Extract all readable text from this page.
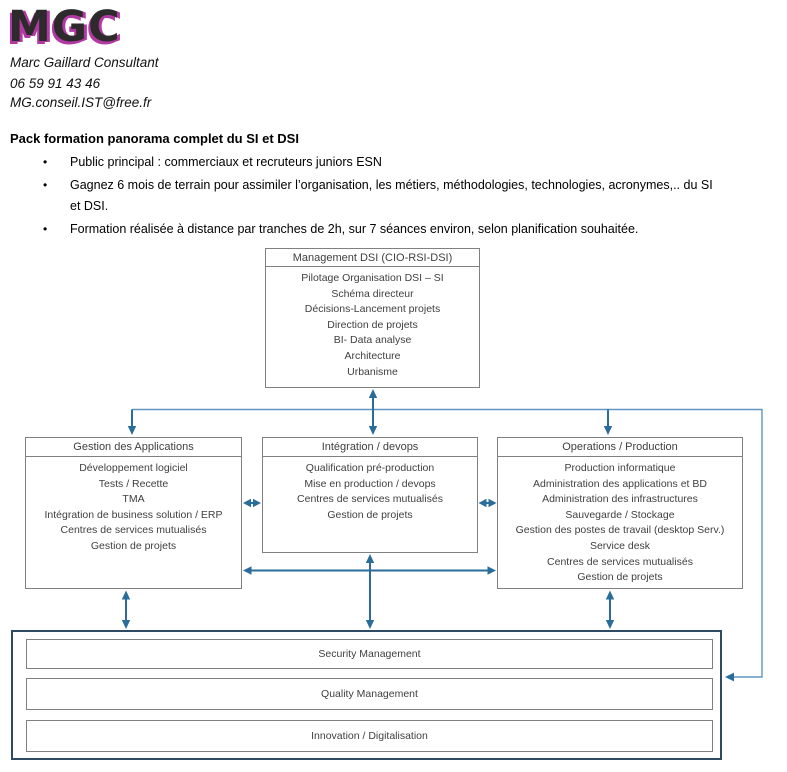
MGC
Marc Gaillard Consultant
06 59 91 43 46
MG.conseil.IST@free.fr
Pack formation panorama complet du SI et DSI
•	Public principal : commerciaux et recruteurs juniors ESN
•	Gagnez 6 mois de terrain pour assimiler l’organisation, les métiers, méthodologies, technologies, acronymes,.. du SI et DSI.
•	Formation réalisée à distance par tranches de 2h, sur 7 séances environ, selon planification souhaitée.
Management DSI (CIO-RSI-DSI)
Pilotage Organisation DSI – SI
Schéma directeur
Décisions-Lancement projets
Direction de projets
BI- Data analyse
Architecture
Urbanisme
Gestion des Applications
Développement logiciel
Tests / Recette
TMA
Intégration de business solution / ERP
Centres de services mutualisés
Gestion de projets
Intégration / devops
Qualification pré-production
Mise en production / devops
Centres de services mutualisés
Gestion de projets
Operations / Production
Production informatique
Administration des applications et BD
Administration des infrastructures
Sauvegarde / Stockage
Gestion des postes de travail (desktop Serv.)
Service desk
Centres de services mutualisés
Gestion de projets
Security Management
Quality Management
Innovation / Digitalisation
